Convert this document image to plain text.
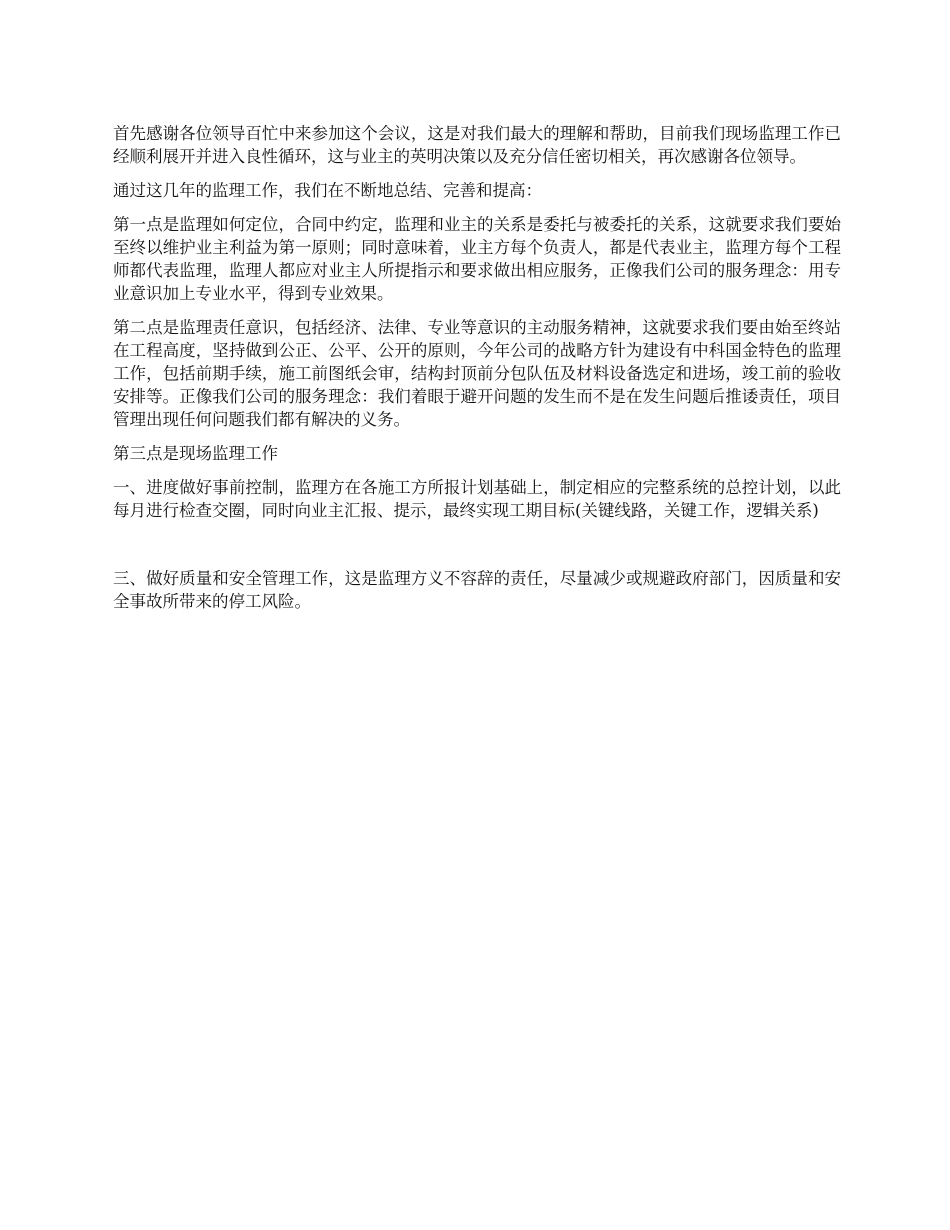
首先感谢各位领导百忙中来参加这个会议，这是对我们最大的理解和帮助，目前我们现场监理工作已经顺利展开并进入良性循环，这与业主的英明决策以及充分信任密切相关，再次感谢各位领导。

通过这几年的监理工作，我们在不断地总结、完善和提高：

第一点是监理如何定位，合同中约定，监理和业主的关系是委托与被委托的关系，这就要求我们要始至终以维护业主利益为第一原则；同时意味着，业主方每个负责人，都是代表业主，监理方每个工程师都代表监理，监理人都应对业主人所提指示和要求做出相应服务，正像我们公司的服务理念：用专业意识加上专业水平，得到专业效果。

第二点是监理责任意识，包括经济、法律、专业等意识的主动服务精神，这就要求我们要由始至终站在工程高度，坚持做到公正、公平、公开的原则，今年公司的战略方针为建设有中科国金特色的监理工作，包括前期手续，施工前图纸会审，结构封顶前分包队伍及材料设备选定和进场，竣工前的验收安排等。正像我们公司的服务理念：我们着眼于避开问题的发生而不是在发生问题后推诿责任，项目管理出现任何问题我们都有解决的义务。

第三点是现场监理工作

一、进度做好事前控制，监理方在各施工方所报计划基础上，制定相应的完整系统的总控计划，以此每月进行检查交圈，同时向业主汇报、提示，最终实现工期目标(关键线路，关键工作，逻辑关系)

三、做好质量和安全管理工作，这是监理方义不容辞的责任，尽量减少或规避政府部门，因质量和安全事故所带来的停工风险。
